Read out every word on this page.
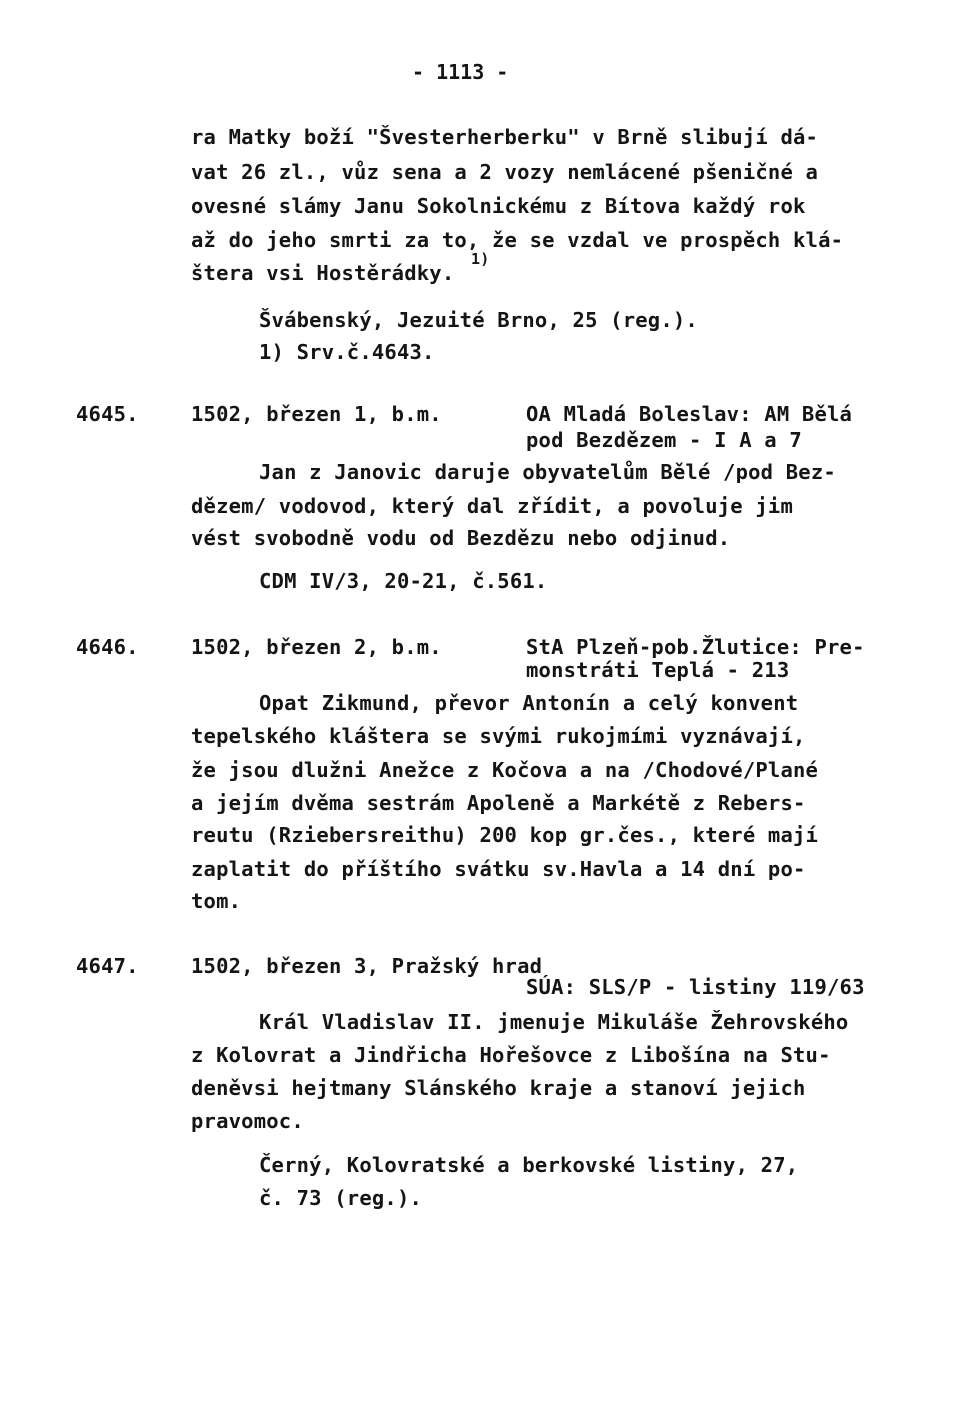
- 1113 -
ra Matky boží "Švesterherberku" v Brně slibují dá-
vat 26 zl., vůz sena a 2 vozy nemlácené pšeničné a
ovesné slámy Janu Sokolnickému z Bítova každý rok
až do jeho smrti za to, že se vzdal ve prospěch klá-
štera vsi Hostěrádky.
1)
Švábenský, Jezuité Brno, 25 (reg.).
1) Srv.č.4643.
4645.	1502, březen 1, b.m.	OA Mladá Boleslav: AM Bělá
pod Bezdězem - I A a 7
Jan z Janovic daruje obyvatelům Bělé /pod Bez-
dězem/ vodovod, který dal zřídit, a povoluje jim
vést svobodně vodu od Bezdězu nebo odjinud.
CDM IV/3, 20-21, č.561.
4646.	1502, březen 2, b.m.	StA Plzeň-pob.Žlutice: Pre-
monstráti Teplá - 213
Opat Zikmund, převor Antonín a celý konvent
tepelského kláštera se svými rukojmími vyznávají,
že jsou dlužni Anežce z Kočova a na /Chodové/Plané
a jejím dvěma sestrám Apoleně a Markétě z Rebers-
reutu (Rziebersreithu) 200 kop gr.čes., které mají
zaplatit do příštího svátku sv.Havla a 14 dní po-
tom.
4647.	1502, březen 3, Pražský hrad
SÚA: SLS/P - listiny 119/63
Král Vladislav II. jmenuje Mikuláše Žehrovského
z Kolovrat a Jindřicha Hořešovce z Libošína na Stu-
deněvsi hejtmany Slánského kraje a stanoví jejich
pravomoc.
Černý, Kolovratské a berkovské listiny, 27,
č. 73 (reg.).
